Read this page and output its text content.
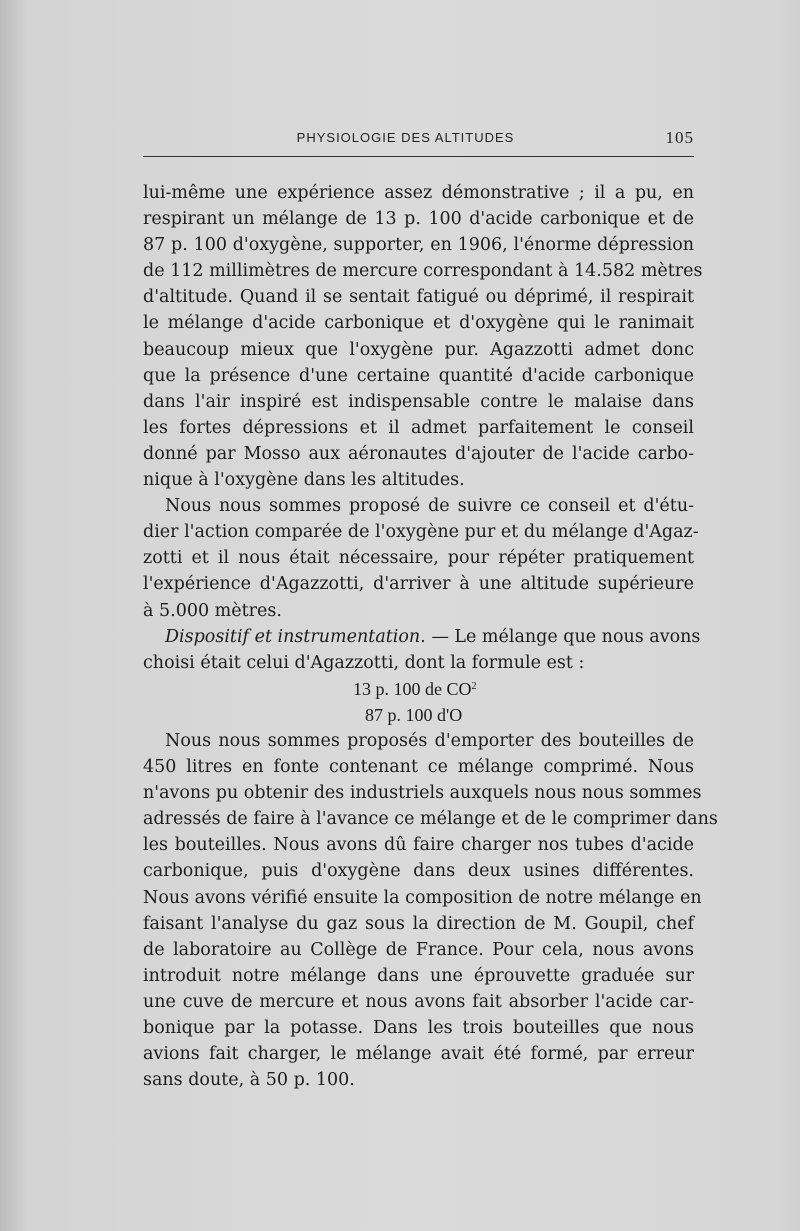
PHYSIOLOGIE DES ALTITUDES	105
lui-même une expérience assez démonstrative ; il a pu, en
respirant un mélange de 13 p. 100 d'acide carbonique et de
87 p. 100 d'oxygène, supporter, en 1906, l'énorme dépression
de 112 millimètres de mercure correspondant à 14.582 mètres
d'altitude. Quand il se sentait fatigué ou déprimé, il respirait
le mélange d'acide carbonique et d'oxygène qui le ranimait
beaucoup mieux que l'oxygène pur. Agazzotti admet donc
que la présence d'une certaine quantité d'acide carbonique
dans l'air inspiré est indispensable contre le malaise dans
les fortes dépressions et il admet parfaitement le conseil
donné par Mosso aux aéronautes d'ajouter de l'acide carbo-
nique à l'oxygène dans les altitudes.
Nous nous sommes proposé de suivre ce conseil et d'étu-
dier l'action comparée de l'oxygène pur et du mélange d'Agaz-
zotti et il nous était nécessaire, pour répéter pratiquement
l'expérience d'Agazzotti, d'arriver à une altitude supérieure
à 5.000 mètres.
Dispositif et instrumentation. — Le mélange que nous avons
choisi était celui d'Agazzotti, dont la formule est :
13 p. 100 de $CO^2$
87 p. 100 d'O
Nous nous sommes proposés d'emporter des bouteilles de
450 litres en fonte contenant ce mélange comprimé. Nous
n'avons pu obtenir des industriels auxquels nous nous sommes
adressés de faire à l'avance ce mélange et de le comprimer dans
les bouteilles. Nous avons dû faire charger nos tubes d'acide
carbonique, puis d'oxygène dans deux usines différentes.
Nous avons vérifié ensuite la composition de notre mélange en
faisant l'analyse du gaz sous la direction de M. Goupil, chef
de laboratoire au Collège de France. Pour cela, nous avons
introduit notre mélange dans une éprouvette graduée sur
une cuve de mercure et nous avons fait absorber l'acide car-
bonique par la potasse. Dans les trois bouteilles que nous
avions fait charger, le mélange avait été formé, par erreur
sans doute, à 50 p. 100.
